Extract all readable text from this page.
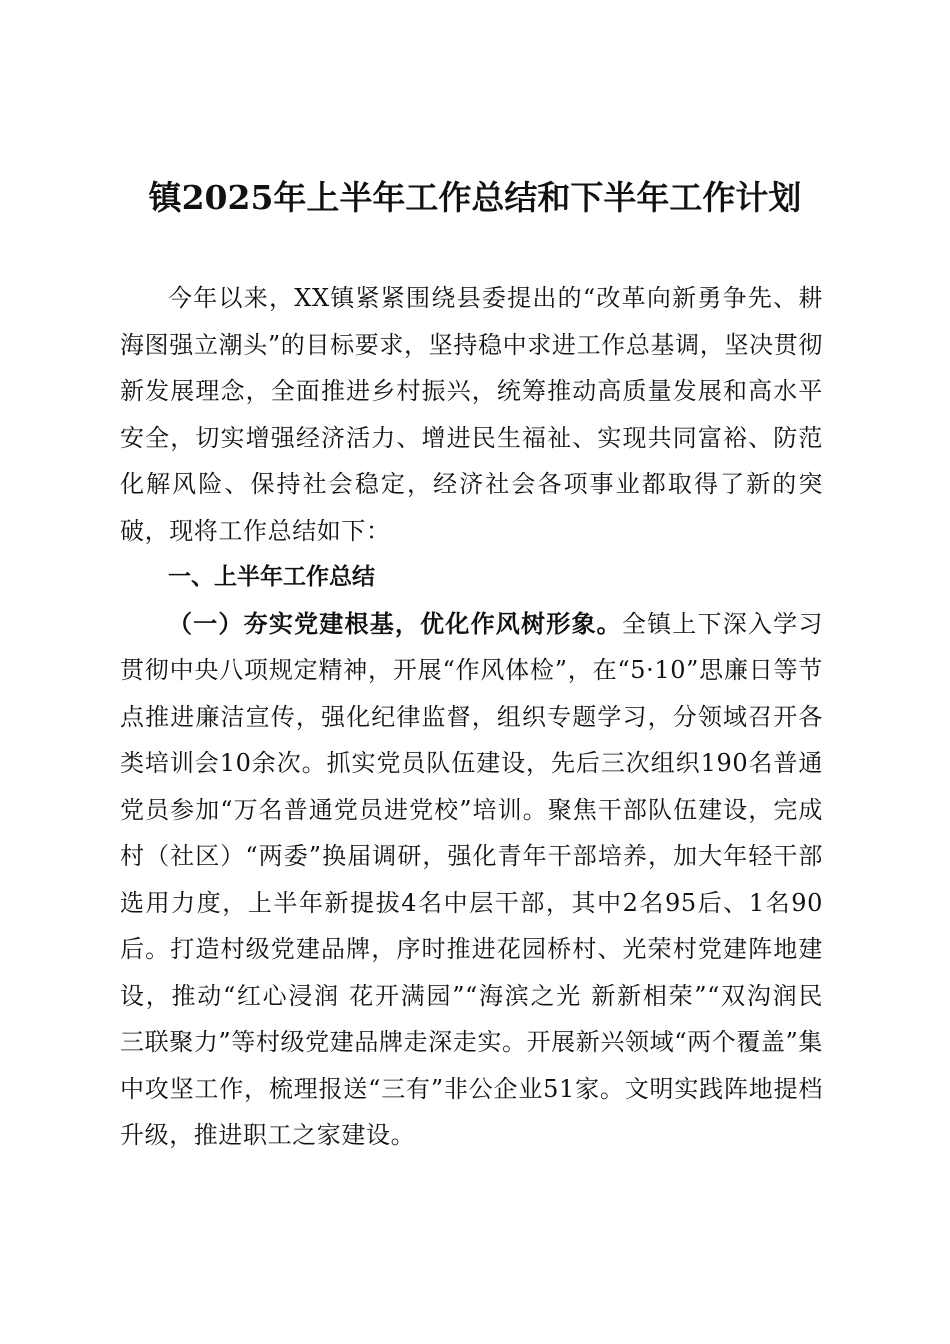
镇2025年上半年工作总结和下半年工作计划

今年以来，XX镇紧紧围绕县委提出的“改革向新勇争先、耕海图强立潮头”的目标要求，坚持稳中求进工作总基调，坚决贯彻新发展理念，全面推进乡村振兴，统筹推动高质量发展和高水平安全，切实增强经济活力、增进民生福祉、实现共同富裕、防范化解风险、保持社会稳定，经济社会各项事业都取得了新的突破，现将工作总结如下：

一、上半年工作总结

（一）夯实党建根基，优化作风树形象。全镇上下深入学习贯彻中央八项规定精神，开展“作风体检”，在“5·10”思廉日等节点推进廉洁宣传，强化纪律监督，组织专题学习，分领域召开各类培训会10余次。抓实党员队伍建设，先后三次组织190名普通党员参加“万名普通党员进党校”培训。聚焦干部队伍建设，完成村（社区）“两委”换届调研，强化青年干部培养，加大年轻干部选用力度，上半年新提拔4名中层干部，其中2名95后、1名90后。打造村级党建品牌，序时推进花园桥村、光荣村党建阵地建设，推动“红心浸润 花开满园”“海滨之光 新新相荣”“双沟润民 三联聚力”等村级党建品牌走深走实。开展新兴领域“两个覆盖”集中攻坚工作，梳理报送“三有”非公企业51家。文明实践阵地提档升级，推进职工之家建设。
